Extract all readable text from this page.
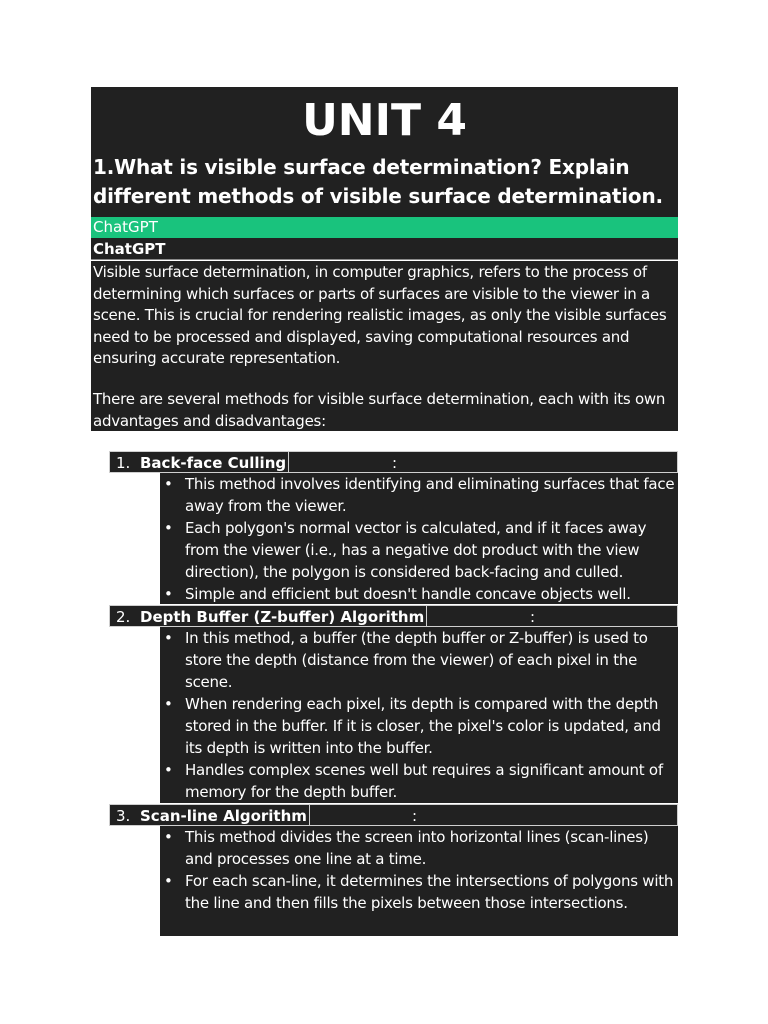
UNIT 4
1.What is visible surface determination? Explain different methods of visible surface determination.
ChatGPT
ChatGPT

Visible surface determination, in computer graphics, refers to the process of determining which surfaces or parts of surfaces are visible to the viewer in a scene. This is crucial for rendering realistic images, as only the visible surfaces need to be processed and displayed, saving computational resources and ensuring accurate representation.

There are several methods for visible surface determination, each with its own advantages and disadvantages:

1. Back-face Culling	:
• This method involves identifying and eliminating surfaces that face away from the viewer.
• Each polygon's normal vector is calculated, and if it faces away from the viewer (i.e., has a negative dot product with the view direction), the polygon is considered back-facing and culled.
• Simple and efficient but doesn't handle concave objects well.
2. Depth Buffer (Z-buffer) Algorithm	:
• In this method, a buffer (the depth buffer or Z-buffer) is used to store the depth (distance from the viewer) of each pixel in the scene.
• When rendering each pixel, its depth is compared with the depth stored in the buffer. If it is closer, the pixel's color is updated, and its depth is written into the buffer.
• Handles complex scenes well but requires a significant amount of memory for the depth buffer.
3. Scan-line Algorithm	:
• This method divides the screen into horizontal lines (scan-lines) and processes one line at a time.
• For each scan-line, it determines the intersections of polygons with the line and then fills the pixels between those intersections.
